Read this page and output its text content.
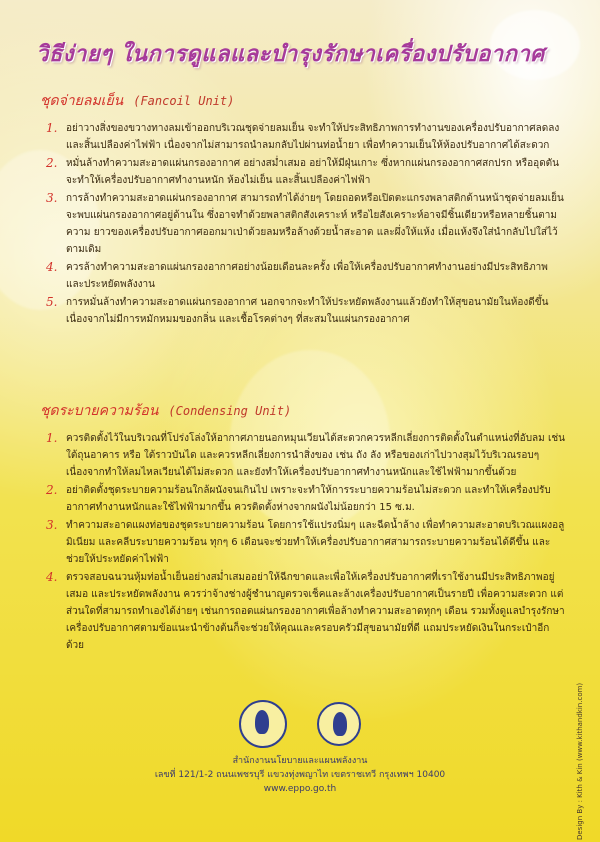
วิธีง่ายๆ ในการดูแลและบำรุงรักษาเครื่องปรับอากาศ
ชุดจ่ายลมเย็น (Fancoil Unit)
1. อย่าวางสิ่งของขวางทางลมเข้าออกบริเวณชุดจ่ายลมเย็น จะทำให้ประสิทธิภาพการทำงานของเครื่องปรับอากาศลดลง และสิ้นเปลืองค่าไฟฟ้า เนื่องจากไม่สามารถนำลมกลับไปผ่านท่อน้ำยา เพื่อทำความเย็นให้ห้องปรับอากาศได้สะดวก
2. หมั่นล้างทำความสะอาดแผ่นกรองอากาศ อย่างสม่ำเสมอ อย่าให้มีฝุ่นเกาะ ซึ่งหากแผ่นกรองอากาศสกปรก หรืออุดตัน จะทำให้เครื่องปรับอากาศทำงานหนัก ห้องไม่เย็น และสิ้นเปลืองค่าไฟฟ้า
3. การล้างทำความสะอาดแผ่นกรองอากาศ สามารถทำได้ง่ายๆ โดยถอดหรือเปิดตะแกรงพลาสติกด้านหน้าชุดจ่ายลมเย็น จะพบแผ่นกรองอากาศอยู่ด้านใน ซึ่งอาจทำด้วยพลาสติกสังเคราะห์ หรือไยสังเคราะห์อาจมีชิ้นเดียวหรือหลายชิ้นตามความ ยาวของเครื่องปรับอากาศออกมาเป่าด้วยลมหรือล้างด้วยน้ำสะอาด และผึ่งให้แห้ง เมื่อแห้งจึงใส่นำกลับไปใส่ไว้ตามเดิม
4. ควรล้างทำความสะอาดแผ่นกรองอากาศอย่างน้อยเดือนละครั้ง เพื่อให้เครื่องปรับอากาศทำงานอย่างมีประสิทธิภาพ และประหยัดพลังงาน
5. การหมั่นล้างทำความสะอาดแผ่นกรองอากาศ นอกจากจะทำให้ประหยัดพลังงานแล้วยังทำให้สุขอนามัยในห้องดีขึ้นเนื่องจากไม่มีการหมักหมมของกลิ่น และเชื้อโรคต่างๆ ที่สะสมในแผ่นกรองอากาศ
ชุดระบายความร้อน (Condensing Unit)
1. ควรติดตั้งไว้ในบริเวณที่โปร่งโล่งให้อากาศภายนอกหมุนเวียนได้สะดวกควรหลีกเลี่ยงการติดตั้งในตำแหน่งที่อับลม เช่น ใต้ถุนอาคาร หรือ ใต้ราวบันได และควรหลีกเลี่ยงการนำสิ่งของ เช่น ถัง ลัง หรือของเก่าไปวางสุมไว้บริเวณรอบๆ เนื่องจากทำให้ลมไหลเวียนได้ไม่สะดวก และยังทำให้เครื่องปรับอากาศทำงานหนักและใช้ไฟฟ้ามากขึ้นด้วย
2. อย่าติดตั้งชุดระบายความร้อนใกล้ผนังจนเกินไป เพราะจะทำให้การระบายความร้อนไม่สะดวก และทำให้เครื่องปรับอากาศทำงานหนักและใช้ไฟฟ้ามากขึ้น ควรติดตั้งห่างจากผนังไม่น้อยกว่า 15 ซ.ม.
3. ทำความสะอาดแผงท่อของชุดระบายความร้อน โดยการใช้แปรงนิ่มๆ และฉีดน้ำล้าง เพื่อทำความสะอาดบริเวณแผงอลูมิเนียม และคลีบระบายความร้อน ทุกๆ 6 เดือนจะช่วยทำให้เครื่องปรับอากาศสามารถระบายความร้อนได้ดีขึ้น และช่วยให้ประหยัดค่าไฟฟ้า
4. ตรวจสอบฉนวนหุ้มท่อน้ำเย็นอย่างสม่ำเสมออย่าให้ฉีกขาดและเพื่อให้เครื่องปรับอากาศที่เราใช้งานมีประสิทธิภาพอยู่เสมอ และประหยัดพลังงาน ควรว่าจ้างช่างผู้ชำนาญตรวจเช็คและล้างเครื่องปรับอากาศเป็นรายปี เพื่อความสะดวก แต่ส่วนใดที่สามารถทำเองได้ง่ายๆ เช่นการถอดแผ่นกรองอากาศเพื่อล้างทำความสะอาดทุกๆ เดือน รวมทั้งดูแลบำรุงรักษาเครื่องปรับอากาศตามข้อแนะนำข้างต้นก็จะช่วยให้คุณและครอบครัวมีสุขอนามัยที่ดี แถมประหยัดเงินในกระเป๋าอีกด้วย
สำนักงานนโยบายและแผนพลังงาน
เลขที่ 121/1-2 ถนนเพชรบุรี แขวงทุ่งพญาไท เขตราชเทวี กรุงเทพฯ 10400
www.eppo.go.th	Design By : Kith & Kin (www.kithandkin.com)
